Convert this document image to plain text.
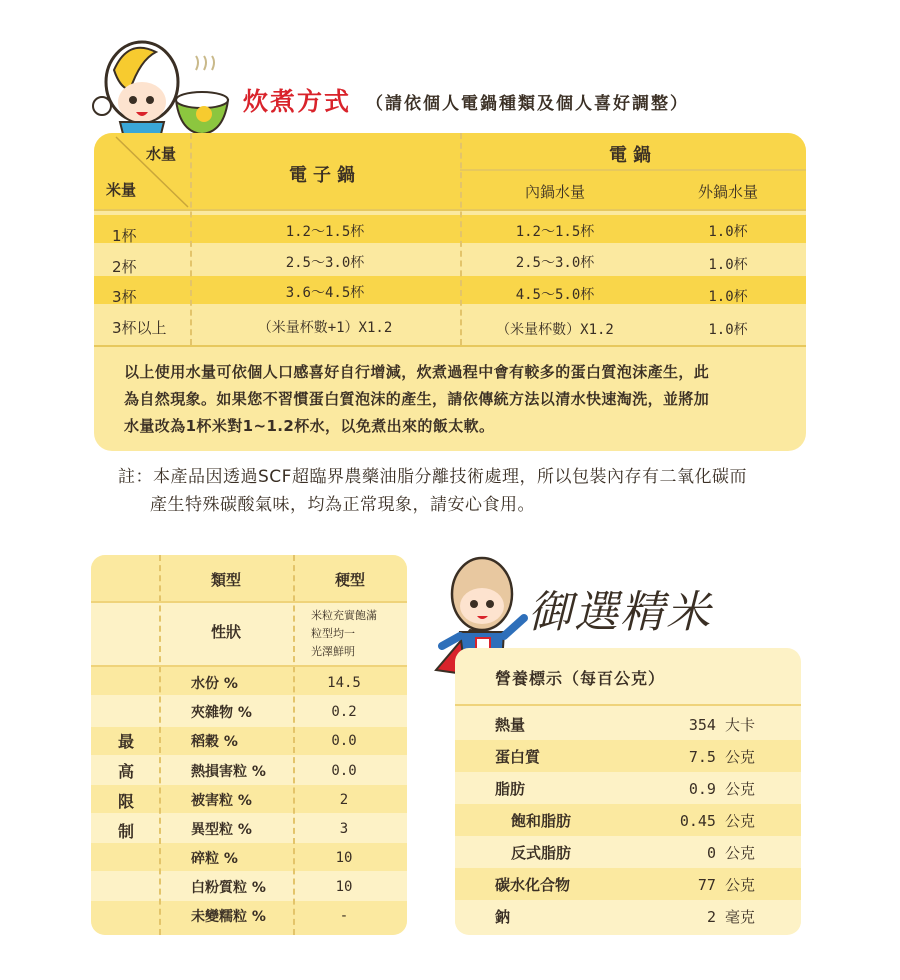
炊煮方式 （請依個人電鍋種類及個人喜好調整）
水量
米量
電子鍋
電鍋
內鍋水量	外鍋水量
1杯	1.2～1.5杯	1.2～1.5杯	1.0杯
2杯	2.5～3.0杯	2.5～3.0杯	1.0杯
3杯	3.6～4.5杯	4.5～5.0杯	1.0杯
3杯以上	（米量杯數+1）X1.2	（米量杯數）X1.2	1.0杯
以上使用水量可依個人口感喜好自行增減，炊煮過程中會有較多的蛋白質泡沫產生，此
為自然現象。如果您不習慣蛋白質泡沫的產生，請依傳統方法以清水快速淘洗，並將加
水量改為1杯米對1~1.2杯水，以免煮出來的飯太軟。
註：本產品因透過SCF超臨界農藥油脂分離技術處理，所以包裝內存有二氧化碳而
產生特殊碳酸氣味，均為正常現象，請安心食用。
類型	稉型
性狀
米粒充實飽滿
粒型均一
光澤鮮明
最
高
限
制
水份 %	14.5
夾雜物 %	0.2
稻穀 %	0.0
熱損害粒 %	0.0
被害粒 %	2
異型粒 %	3
碎粒 %	10
白粉質粒 %	10
未變糯粒 %	-
御選精米
營養標示（每百公克）
熱量	354 大卡
蛋白質	7.5 公克
脂肪	0.9 公克
飽和脂肪	0.45 公克
反式脂肪	0 公克
碳水化合物	77 公克
鈉	2 毫克
